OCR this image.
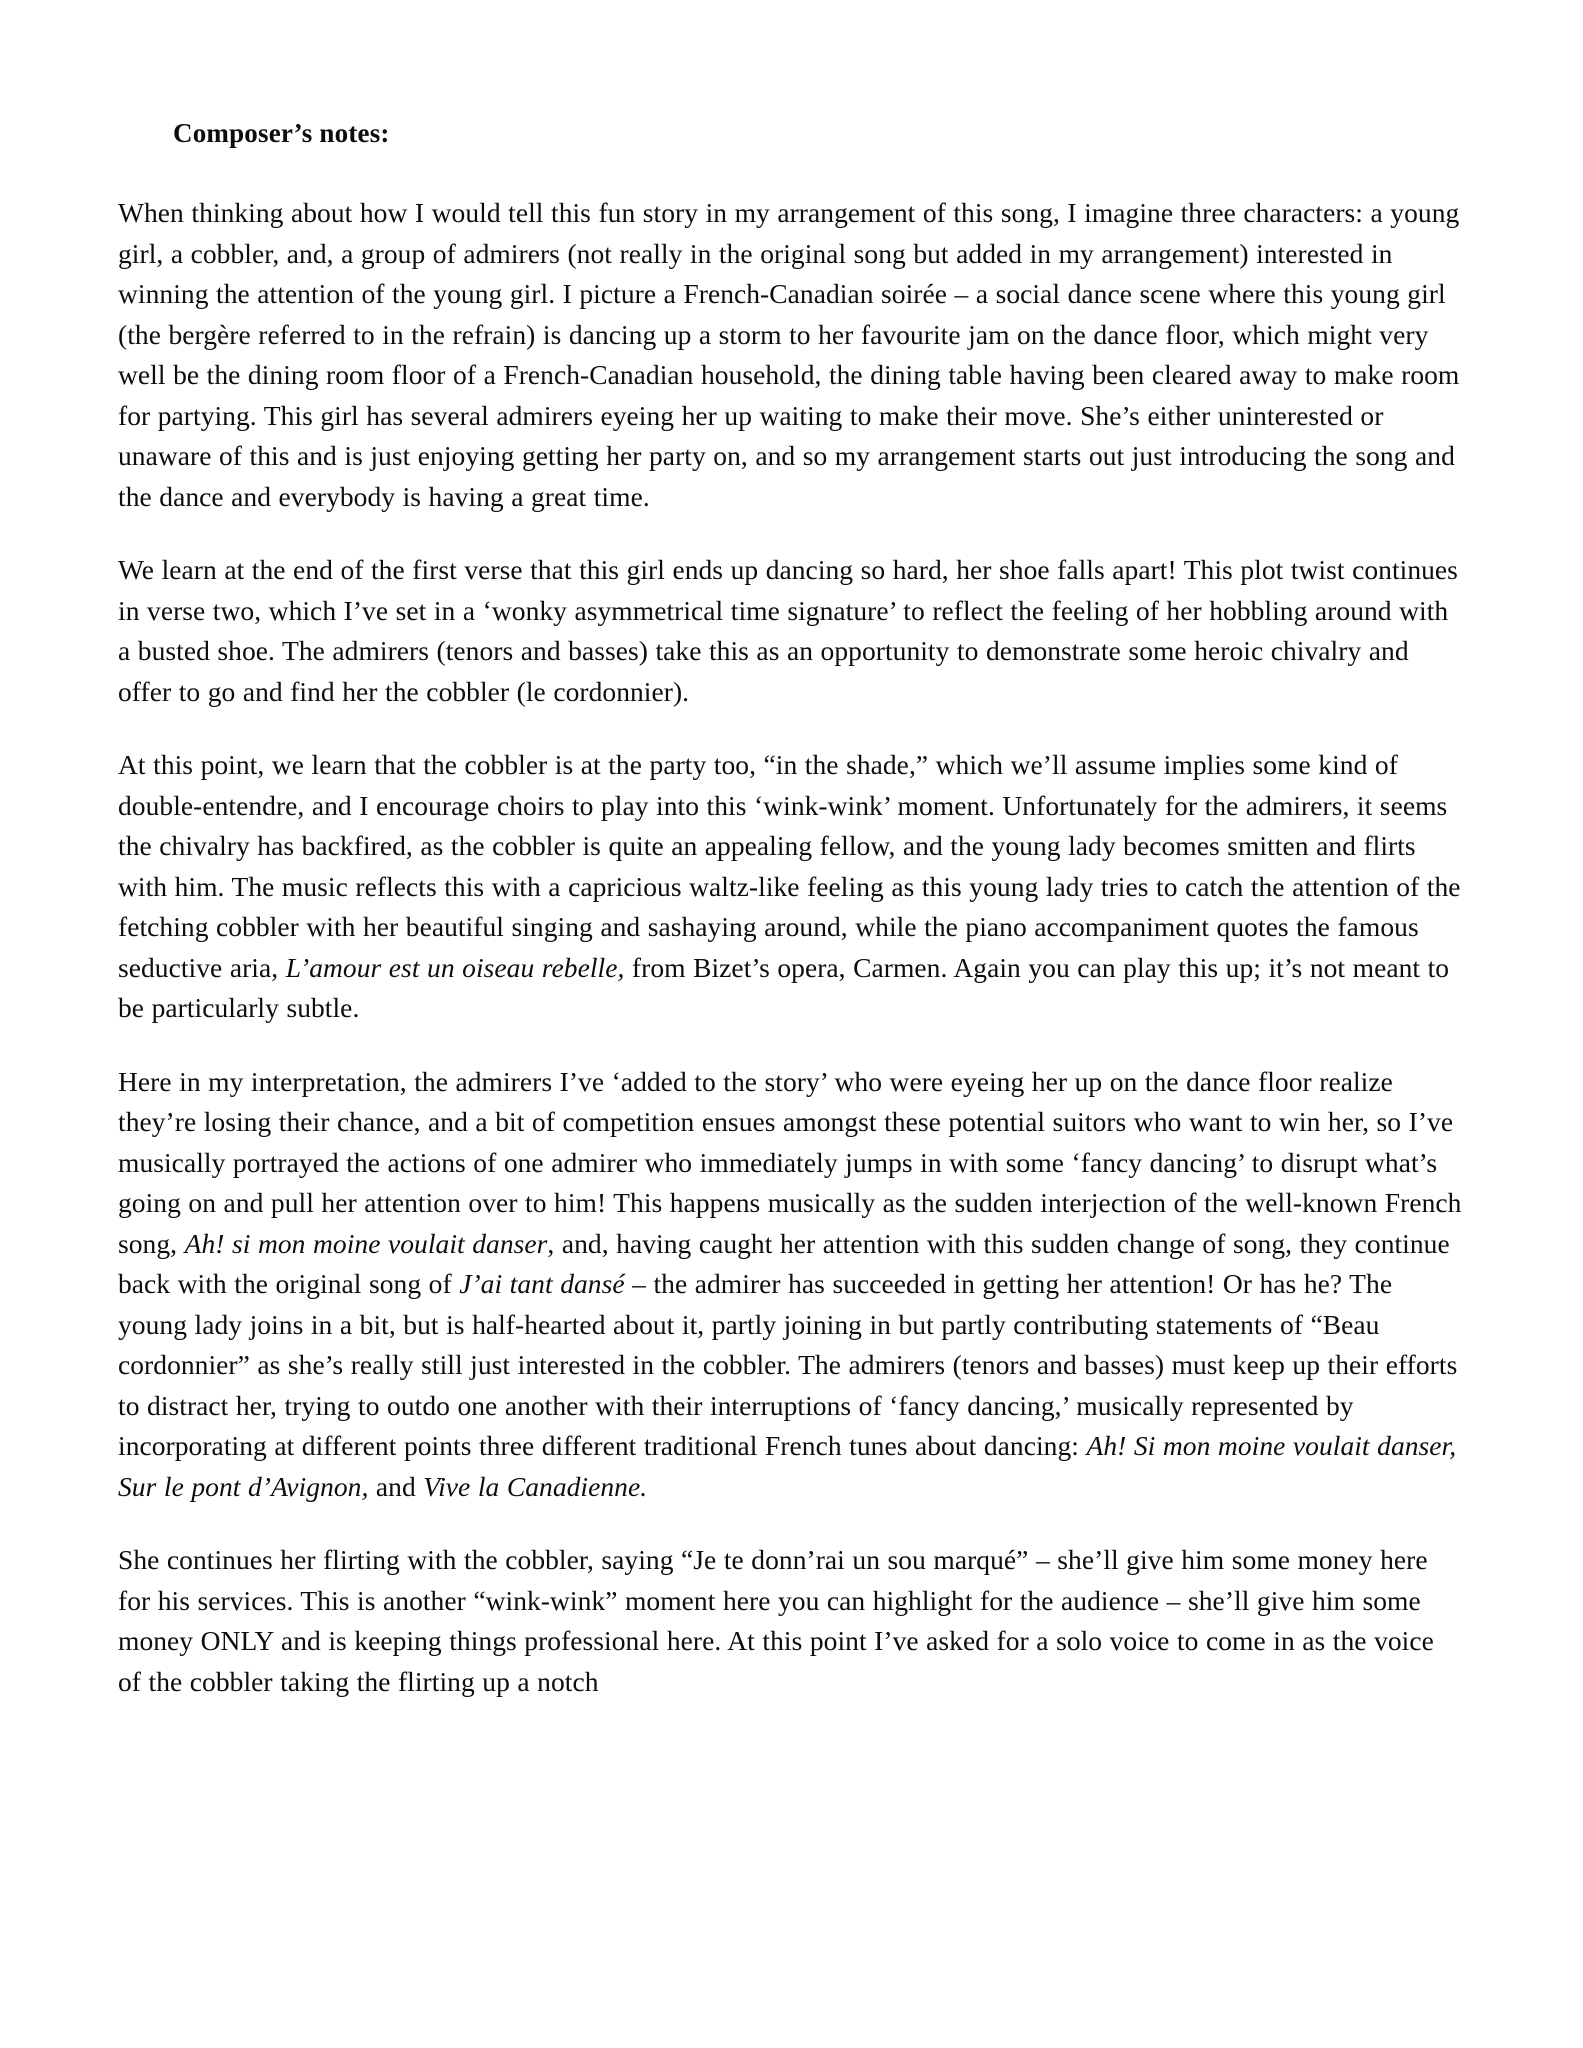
Composer’s notes:

When thinking about how I would tell this fun story in my arrangement of this song, I imagine three characters: a young girl, a cobbler, and, a group of admirers (not really in the original song but added in my arrangement) interested in winning the attention of the young girl. I picture a French-Canadian soirée – a social dance scene where this young girl (the bergère referred to in the refrain) is dancing up a storm to her favourite jam on the dance floor, which might very well be the dining room floor of a French-Canadian household, the dining table having been cleared away to make room for partying. This girl has several admirers eyeing her up waiting to make their move. She’s either uninterested or unaware of this and is just enjoying getting her party on, and so my arrangement starts out just introducing the song and the dance and everybody is having a great time.

We learn at the end of the first verse that this girl ends up dancing so hard, her shoe falls apart! This plot twist continues in verse two, which I’ve set in a ‘wonky asymmetrical time signature’ to reflect the feeling of her hobbling around with a busted shoe. The admirers (tenors and basses) take this as an opportunity to demonstrate some heroic chivalry and offer to go and find her the cobbler (le cordonnier).

At this point, we learn that the cobbler is at the party too, “in the shade,” which we’ll assume implies some kind of double-entendre, and I encourage choirs to play into this ‘wink-wink’ moment. Unfortunately for the admirers, it seems the chivalry has backfired, as the cobbler is quite an appealing fellow, and the young lady becomes smitten and flirts with him. The music reflects this with a capricious waltz-like feeling as this young lady tries to catch the attention of the fetching cobbler with her beautiful singing and sashaying around, while the piano accompaniment quotes the famous seductive aria, L’amour est un oiseau rebelle, from Bizet’s opera, Carmen. Again you can play this up; it’s not meant to be particularly subtle.

Here in my interpretation, the admirers I’ve ‘added to the story’ who were eyeing her up on the dance floor realize they’re losing their chance, and a bit of competition ensues amongst these potential suitors who want to win her, so I’ve musically portrayed the actions of one admirer who immediately jumps in with some ‘fancy dancing’ to disrupt what’s going on and pull her attention over to him! This happens musically as the sudden interjection of the well-known French song, Ah! si mon moine voulait danser, and, having caught her attention with this sudden change of song, they continue back with the original song of J’ai tant dansé – the admirer has succeeded in getting her attention! Or has he? The young lady joins in a bit, but is half-hearted about it, partly joining in but partly contributing statements of “Beau cordonnier” as she’s really still just interested in the cobbler. The admirers (tenors and basses) must keep up their efforts to distract her, trying to outdo one another with their interruptions of ‘fancy dancing,’ musically represented by incorporating at different points three different traditional French tunes about dancing: Ah! Si mon moine voulait danser, Sur le pont d’Avignon, and Vive la Canadienne.

She continues her flirting with the cobbler, saying “Je te donn’rai un sou marqué” – she’ll give him some money here for his services. This is another “wink-wink” moment here you can highlight for the audience – she’ll give him some money ONLY and is keeping things professional here. At this point I’ve asked for a solo voice to come in as the voice of the cobbler taking the flirting up a notch
